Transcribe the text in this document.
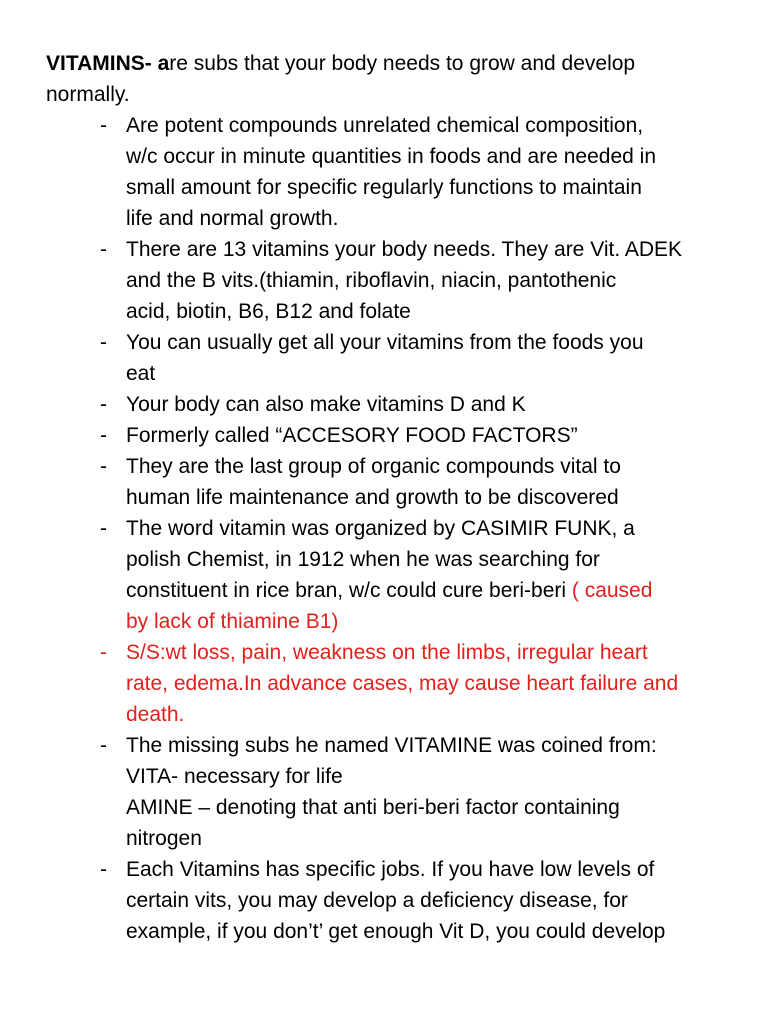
VITAMINS- are subs that your body needs to grow and develop

normally.

- Are potent compounds unrelated chemical composition,
w/c occur in minute quantities in foods and are needed in
small amount for specific regularly functions to maintain
life and normal growth.
- There are 13 vitamins your body needs. They are Vit. ADEK
and the B vits.(thiamin, riboflavin, niacin, pantothenic
acid, biotin, B6, B12 and folate
- You can usually get all your vitamins from the foods you
eat
- Your body can also make vitamins D and K
- Formerly called “ACCESORY FOOD FACTORS”
- They are the last group of organic compounds vital to
human life maintenance and growth to be discovered
- The word vitamin was organized by CASIMIR FUNK, a
polish Chemist, in 1912 when he was searching for
constituent in rice bran, w/c could cure beri-beri ( caused
by lack of thiamine B1)
- S/S:wt loss, pain, weakness on the limbs, irregular heart
rate, edema.In advance cases, may cause heart failure and
death.
- The missing subs he named VITAMINE was coined from:
VITA- necessary for life
AMINE – denoting that anti beri-beri factor containing
nitrogen
- Each Vitamins has specific jobs. If you have low levels of
certain vits, you may develop a deficiency disease, for
example, if you don’t’ get enough Vit D, you could develop
